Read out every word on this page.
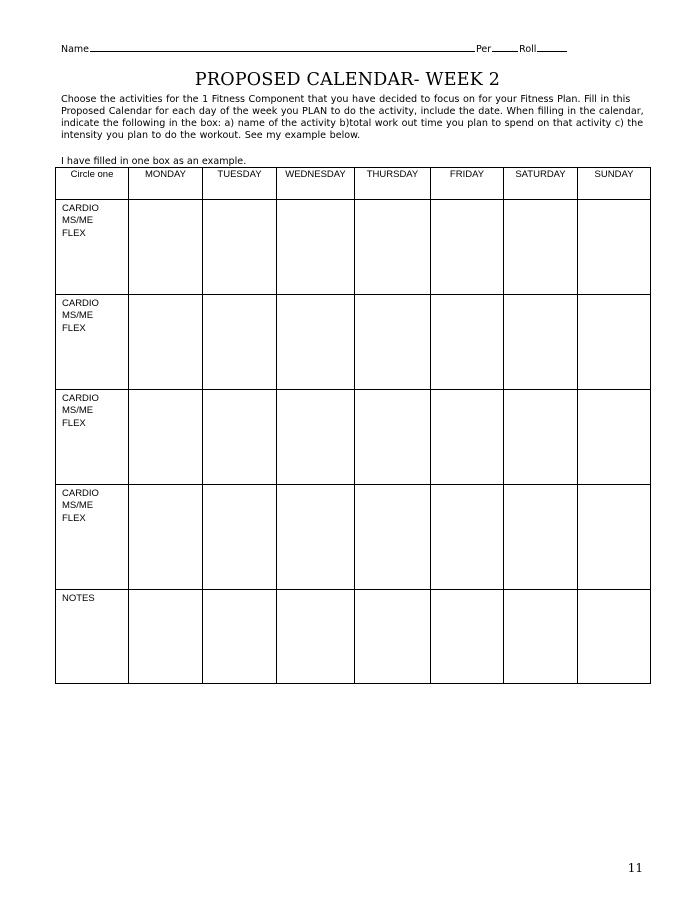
Name	Per	Roll
PROPOSED CALENDAR- WEEK 2
Choose the activities for the 1 Fitness Component that you have decided to focus on for your Fitness Plan. Fill in this Proposed Calendar for each day of the week you PLAN to do the activity, include the date. When filling in the calendar, indicate the following in the box: a) name of the activity b)total work out time you plan to spend on that activity c) the intensity you plan to do the workout. See my example below.
I have filled in one box as an example.
Circle one	MONDAY	TUESDAY	WEDNESDAY	THURSDAY	FRIDAY	SATURDAY	SUNDAY

CARDIO
MS/ME
FLEX							

CARDIO
MS/ME
FLEX							

CARDIO
MS/ME
FLEX							

CARDIO
MS/ME
FLEX							

NOTES							

11
